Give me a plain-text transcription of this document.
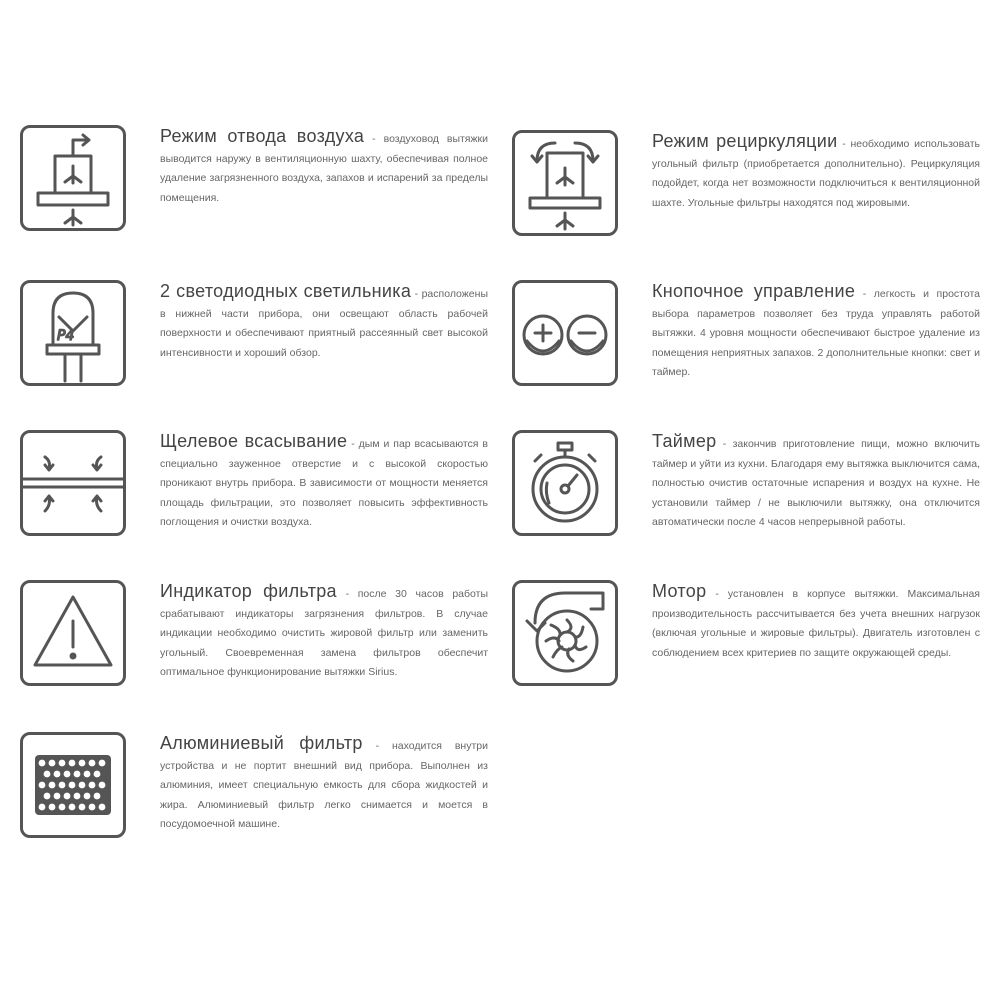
Режим отвода воздуха - воздуховод вытяжки выводится наружу в вентиляционную шахту, обеспечивая полное удаление загрязненного воздуха, запахов и испарений за пределы помещения.
Режим рециркуляции - необходимо использовать угольный фильтр (приобретается дополнительно). Рециркуляция подойдет, когда нет возможности подключиться к вентиляционной шахте. Угольные фильтры находятся под жировыми.
P4
2 светодиодных светильника - расположены в нижней части прибора, они освещают область рабочей поверхности и обеспечивают приятный рассеянный свет высокой интенсивности и хороший обзор.
Кнопочное управление - легкость и простота выбора параметров позволяет без труда управлять работой вытяжки. 4 уровня мощности обеспечивают быстрое удаление из помещения неприятных запахов. 2 дополнительные кнопки: свет и таймер.
Щелевое всасывание - дым и пар всасываются в специально зауженное отверстие и с высокой скоростью проникают внутрь прибора. В зависимости от мощности меняется площадь фильтрации, это позволяет повысить эффективность поглощения и очистки воздуха.
Таймер - закончив приготовление пищи, можно включить таймер и уйти из кухни. Благодаря ему вытяжка выключится сама, полностью очистив остаточные испарения и воздух на кухне. Не установили таймер / не выключили вытяжку, она отключится автоматически после 4 часов непрерывной работы.
Индикатор фильтра - после 30 часов работы срабатывают индикаторы загрязнения фильтров. В случае индикации необходимо очистить жировой фильтр или заменить угольный. Своевременная замена фильтров обеспечит оптимальное функционирование вытяжки Sirius.
Мотор - установлен в корпусе вытяжки. Максимальная производительность рассчитывается без учета внешних нагрузок (включая угольные и жировые фильтры). Двигатель изготовлен с соблюдением всех критериев по защите окружающей среды.
Алюминиевый фильтр - находится внутри устройства и не портит внешний вид прибора. Выполнен из алюминия, имеет специальную емкость для сбора жидкостей и жира. Алюминиевый фильтр легко снимается и моется в посудомоечной машине.
